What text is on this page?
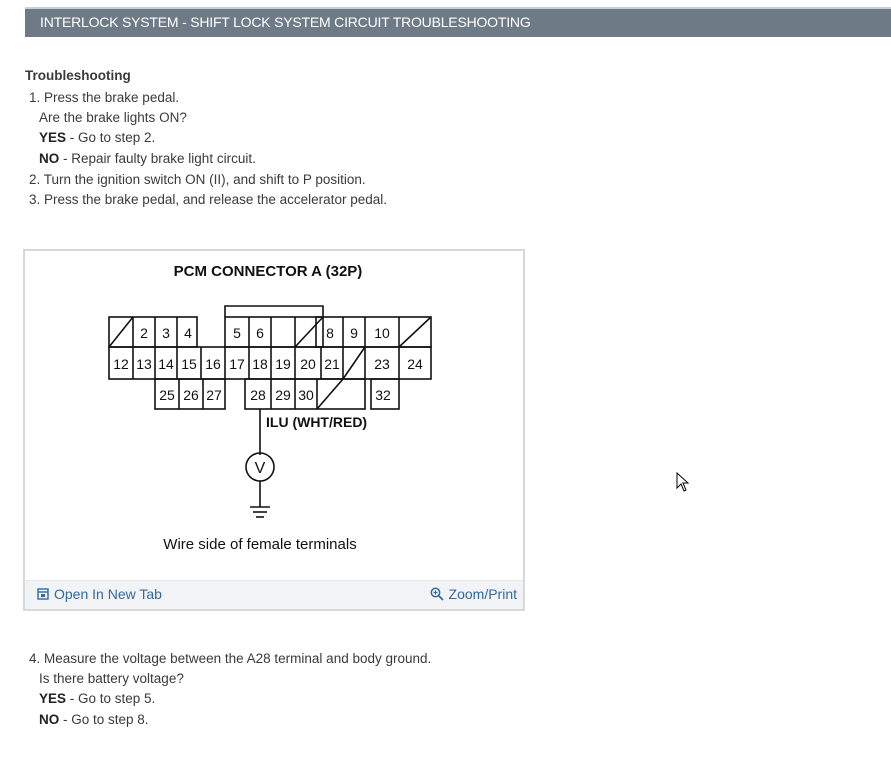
INTERLOCK SYSTEM - SHIFT LOCK SYSTEM CIRCUIT TROUBLESHOOTING
Troubleshooting
1. Press the brake pedal.
Are the brake lights ON?
YES - Go to step 2.
NO - Repair faulty brake light circuit.
2. Turn the ignition switch ON (II), and shift to P position.
3. Press the brake pedal, and release the accelerator pedal.
4. Measure the voltage between the A28 terminal and body ground.
Is there battery voltage?
YES - Go to step 5.
NO - Go to step 8.
PCM CONNECTOR A (32P)
2 3 4	5 6	8 9 10
12 13 14 15 16 17 18 19 20 21 23 24
25 26 27 28 29 30	32
ILU (WHT/RED)
V
Wire side of female terminals
Open In New Tab	Zoom/Print
